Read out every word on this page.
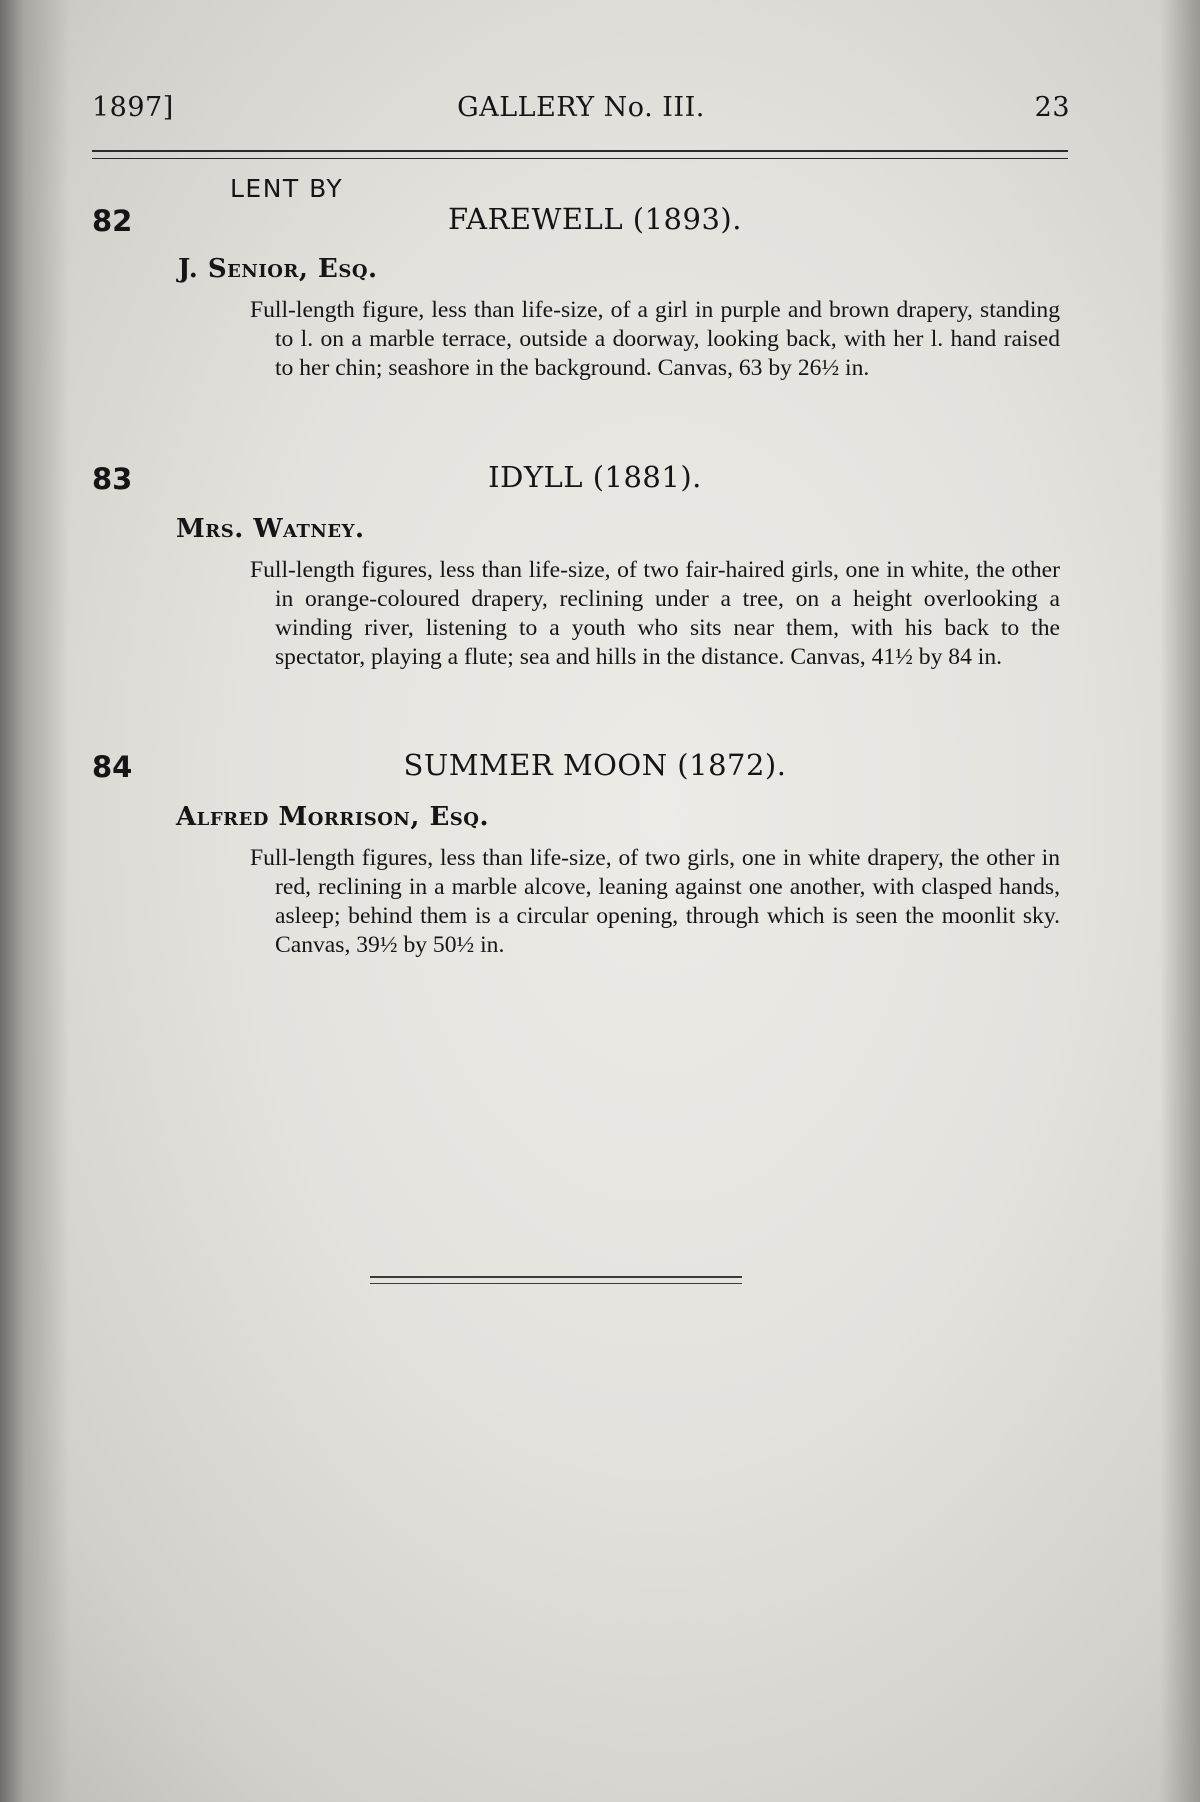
1897]	GALLERY No. III.	23
LENT BY
82	FAREWELL (1893).
J. Senior, Esq.
Full-length figure, less than life-size, of a girl in purple and brown drapery, standing to l. on a marble terrace, outside a doorway, looking back, with her l. hand raised to her chin; seashore in the background. Canvas, 63 by 26½ in.
83	IDYLL (1881).
Mrs. Watney.
Full-length figures, less than life-size, of two fair-haired girls, one in white, the other in orange-coloured drapery, reclining under a tree, on a height overlooking a winding river, listening to a youth who sits near them, with his back to the spectator, playing a flute; sea and hills in the distance. Canvas, 41½ by 84 in.
84	SUMMER MOON (1872).
Alfred Morrison, Esq.
Full-length figures, less than life-size, of two girls, one in white drapery, the other in red, reclining in a marble alcove, leaning against one another, with clasped hands, asleep; behind them is a circular opening, through which is seen the moonlit sky. Canvas, 39½ by 50½ in.
